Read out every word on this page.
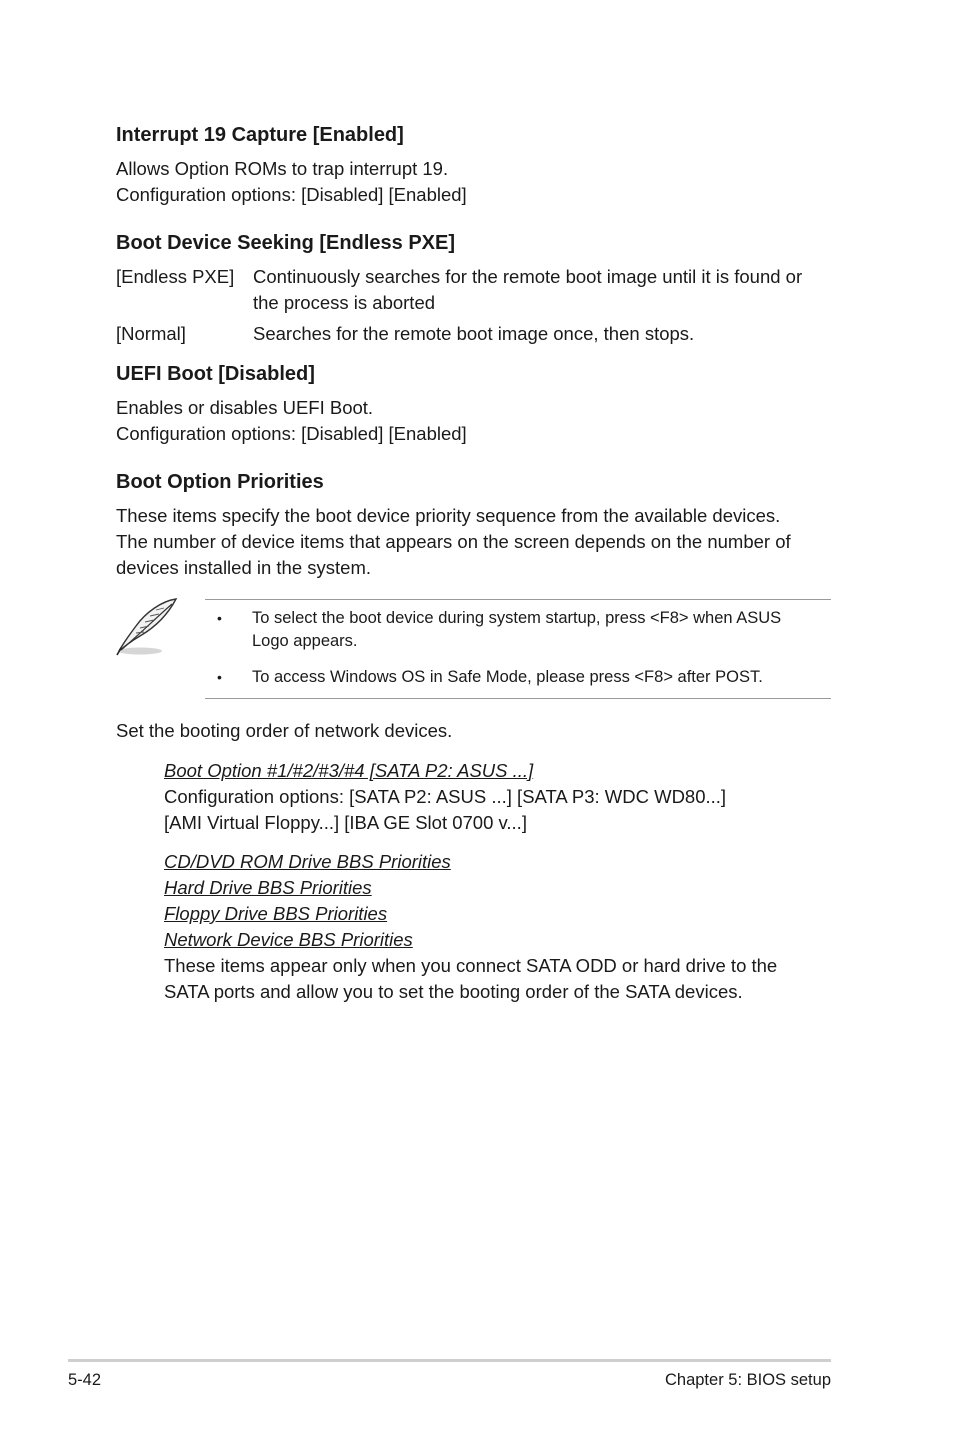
Interrupt 19 Capture [Enabled]
Allows Option ROMs to trap interrupt 19.
Configuration options: [Disabled] [Enabled]
Boot Device Seeking [Endless PXE]
[Endless PXE] Continuously searches for the remote boot image until it is found or
the process is aborted
[Normal]	Searches for the remote boot image once, then stops.
UEFI Boot [Disabled]
Enables or disables UEFI Boot.
Configuration options: [Disabled] [Enabled]
Boot Option Priorities
These items specify the boot device priority sequence from the available devices.
The number of device items that appears on the screen depends on the number of
devices installed in the system.
• To select the boot device during system startup, press <F8> when ASUS
Logo appears.
• To access Windows OS in Safe Mode, please press <F8> after POST.
Set the booting order of network devices.
Boot Option #1/#2/#3/#4 [SATA P2: ASUS ...]
Configuration options: [SATA P2: ASUS ...] [SATA P3: WDC WD80...]
[AMI Virtual Floppy...] [IBA GE Slot 0700 v...]
CD/DVD ROM Drive BBS Priorities
Hard Drive BBS Priorities
Floppy Drive BBS Priorities
Network Device BBS Priorities
These items appear only when you connect SATA ODD or hard drive to the
SATA ports and allow you to set the booting order of the SATA devices.
5-42	Chapter 5: BIOS setup
